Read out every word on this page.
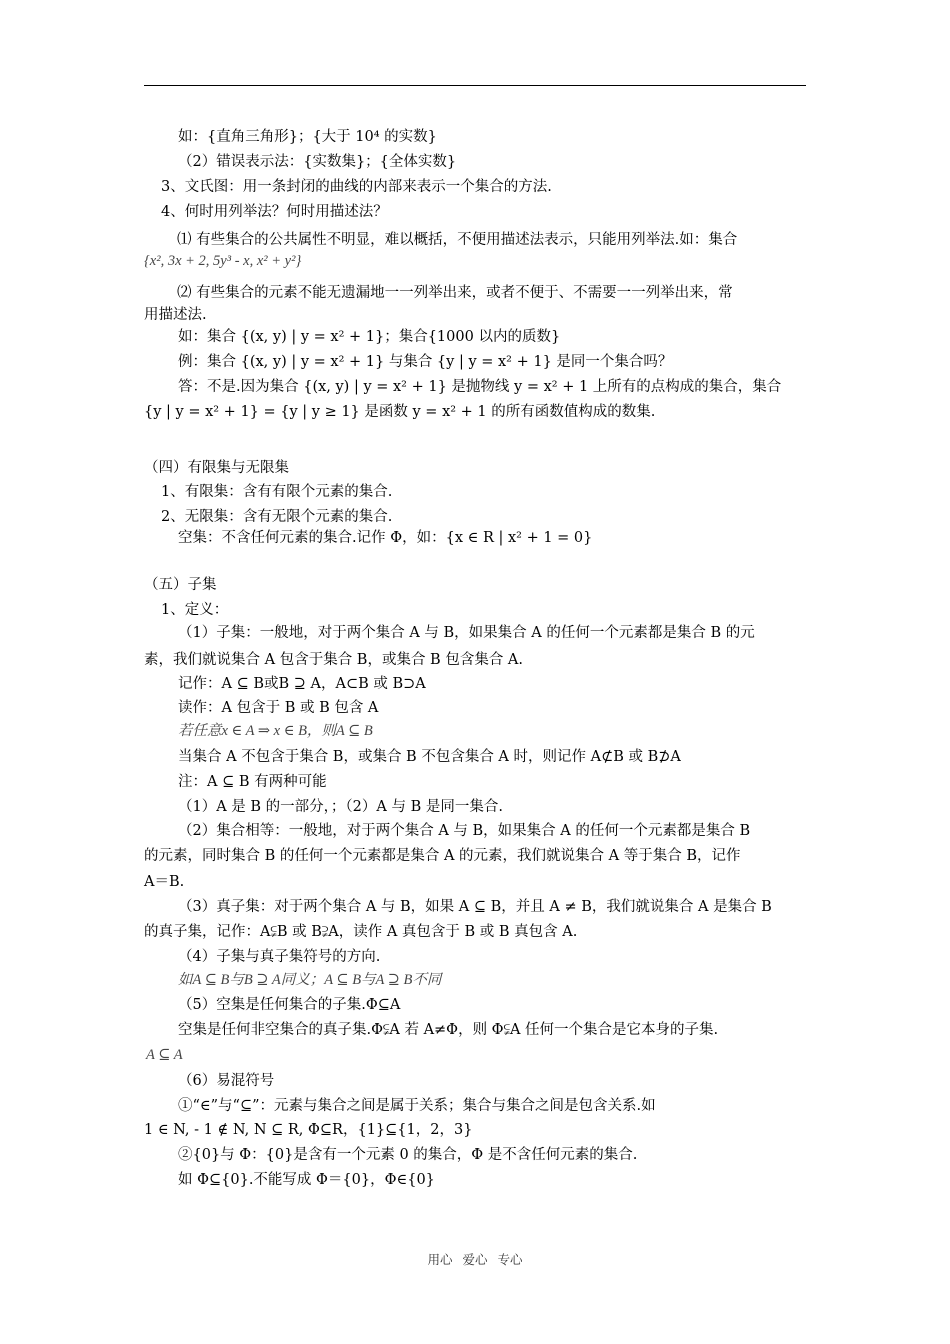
如：{直角三角形}；{大于 10⁴ 的实数}
（2）错误表示法：{实数集}；{全体实数}
3、文氏图：用一条封闭的曲线的内部来表示一个集合的方法.
4、何时用列举法？何时用描述法？
⑴ 有些集合的公共属性不明显，难以概括，不便用描述法表示，只能用列举法.如：集合
{x², 3x + 2, 5y³ - x, x² + y²}
⑵ 有些集合的元素不能无遗漏地一一列举出来，或者不便于、不需要一一列举出来，常
用描述法.
如：集合 {(x, y) | y = x² + 1}；集合{1000 以内的质数}
例：集合 {(x, y) | y = x² + 1} 与集合 {y | y = x² + 1} 是同一个集合吗？
答：不是.因为集合 {(x, y) | y = x² + 1} 是抛物线 y = x² + 1 上所有的点构成的集合，集合
{y | y = x² + 1} = {y | y ≥ 1} 是函数 y = x² + 1 的所有函数值构成的数集.
（四）有限集与无限集
1、有限集：含有有限个元素的集合.
2、无限集：含有无限个元素的集合.
空集：不含任何元素的集合.记作 Φ，如：{x ∈ R | x² + 1 = 0}
（五）子集
1、定义：
（1）子集：一般地，对于两个集合 A 与 B，如果集合 A 的任何一个元素都是集合 B 的元
素，我们就说集合 A 包含于集合 B，或集合 B 包含集合 A.
记作：A ⊆ B或B ⊇ A，A⊂B 或 B⊃A
读作：A 包含于 B 或 B 包含 A
若任意x ∈ A ⇒ x ∈ B，则A ⊆ B
当集合 A 不包含于集合 B，或集合 B 不包含集合 A 时，则记作 A⊄B 或 B⊅A
注：A ⊆ B 有两种可能
（1）A 是 B 的一部分，；（2）A 与 B 是同一集合.
（2）集合相等：一般地，对于两个集合 A 与 B，如果集合 A 的任何一个元素都是集合 B
的元素，同时集合 B 的任何一个元素都是集合 A 的元素，我们就说集合 A 等于集合 B，记作
A＝B.
（3）真子集：对于两个集合 A 与 B，如果 A ⊆ B，并且 A ≠ B，我们就说集合 A 是集合 B
的真子集，记作：A⫋B 或 B⫌A，读作 A 真包含于 B 或 B 真包含 A.
（4）子集与真子集符号的方向.
如A ⊆ B与B ⊇ A同义；A ⊆ B与A ⊇ B不同
（5）空集是任何集合的子集.Φ⊆A
空集是任何非空集合的真子集.Φ⫋A 若 A≠Φ，则 Φ⫋A 任何一个集合是它本身的子集.
A ⊆ A
（6）易混符号
①“∈”与“⊆”：元素与集合之间是属于关系；集合与集合之间是包含关系.如
1 ∈ N, - 1 ∉ N, N ⊆ R, Φ⊆R，{1}⊆{1，2，3}
②{0}与 Φ：{0}是含有一个元素 0 的集合，Φ 是不含任何元素的集合.
如 Φ⊆{0}.不能写成 Φ＝{0}，Φ∈{0}
用心 爱心 专心
